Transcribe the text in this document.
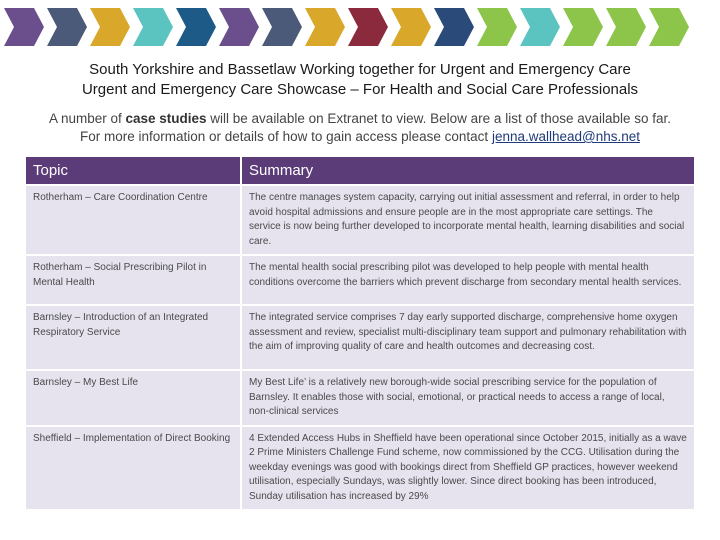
South Yorkshire and Bassetlaw Working together for Urgent and Emergency Care
Urgent and Emergency Care Showcase – For Health and Social Care Professionals
A number of case studies will be available on Extranet to view. Below are a list of those available so far.
For more information or details of how to gain access please contact jenna.wallhead@nhs.net
Topic	Summary
Rotherham – Care Coordination Centre	The centre manages system capacity, carrying out initial assessment and referral, in order to help avoid hospital admissions and ensure people are in the most appropriate care settings. The service is now being further developed to incorporate mental health, learning disabilities and social care.
Rotherham – Social Prescribing Pilot in Mental Health	The mental health social prescribing pilot was developed to help people with mental health conditions overcome the barriers which prevent discharge from secondary mental health services.
Barnsley – Introduction of an Integrated Respiratory Service	The integrated service comprises 7 day early supported discharge, comprehensive home oxygen assessment and review, specialist multi-disciplinary team support and pulmonary rehabilitation with the aim of improving quality of care and health outcomes and decreasing cost.
Barnsley – My Best Life	My Best Life’ is a relatively new borough-wide social prescribing service for the population of Barnsley. It enables those with social, emotional, or practical needs to access a range of local, non-clinical services
Sheffield – Implementation of Direct Booking	4 Extended Access Hubs in Sheffield have been operational since October 2015, initially as a wave 2 Prime Ministers Challenge Fund scheme, now commissioned by the CCG. Utilisation during the weekday evenings was good with bookings direct from Sheffield GP practices, however weekend utilisation, especially Sundays, was slightly lower. Since direct booking has been introduced, Sunday utilisation has increased by 29%
